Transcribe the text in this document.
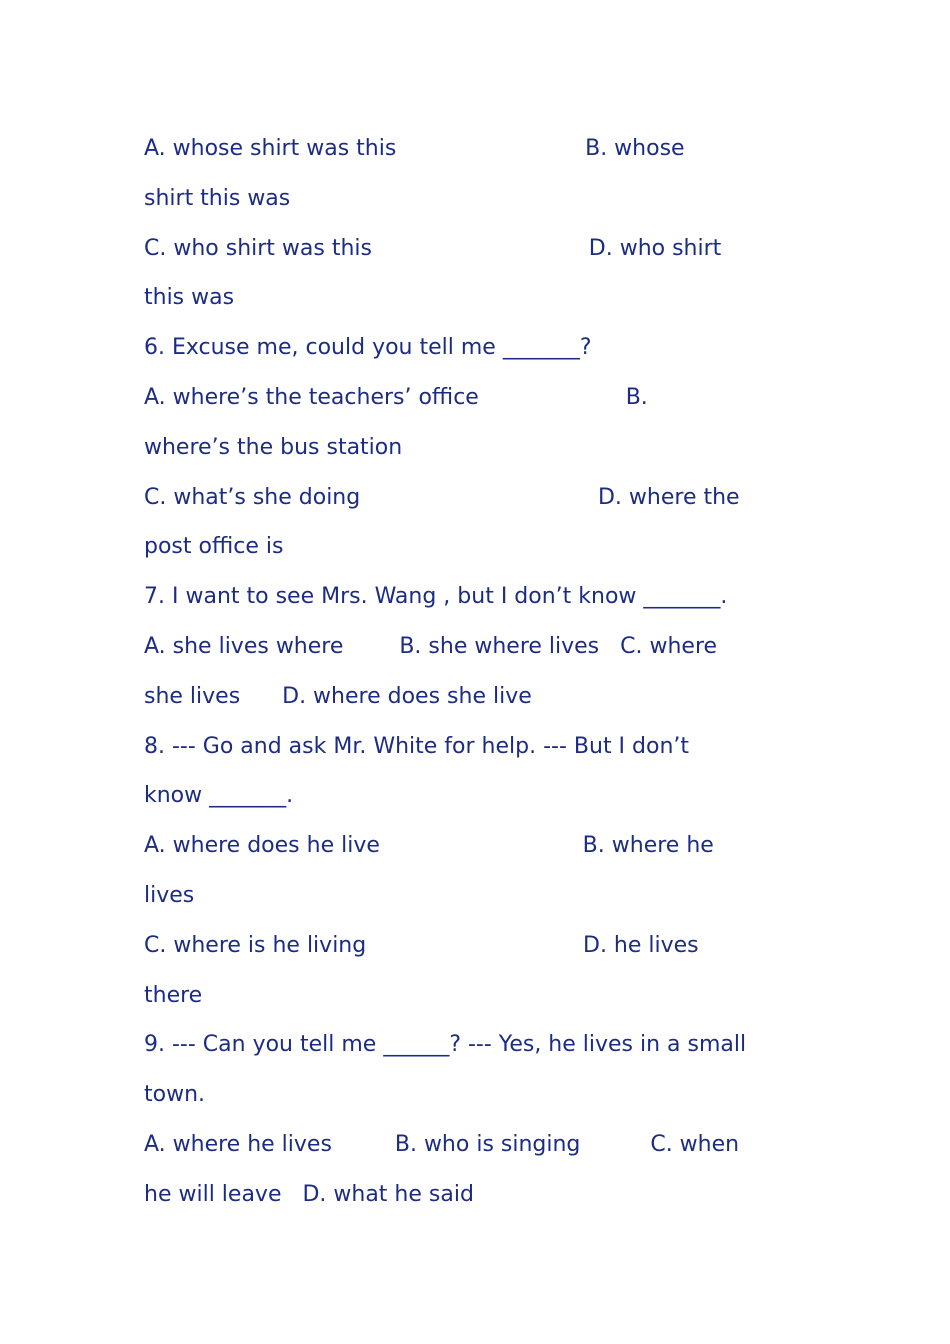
A. whose shirt was this                           B. whose
shirt this was
C. who shirt was this                               D. who shirt
this was
6. Excuse me, could you tell me _______?
A. where’s the teachers’ office                     B.
where’s the bus station
C. what’s she doing                                  D. where the
post office is
7. I want to see Mrs. Wang , but I don’t know _______.
A. she lives where        B. she where lives   C. where
she lives      D. where does she live
8. --- Go and ask Mr. White for help. --- But I don’t
know _______.
A. where does he live                             B. where he
lives
C. where is he living                               D. he lives
there
9. --- Can you tell me ______? --- Yes, he lives in a small
town.
A. where he lives         B. who is singing          C. when
he will leave   D. what he said
